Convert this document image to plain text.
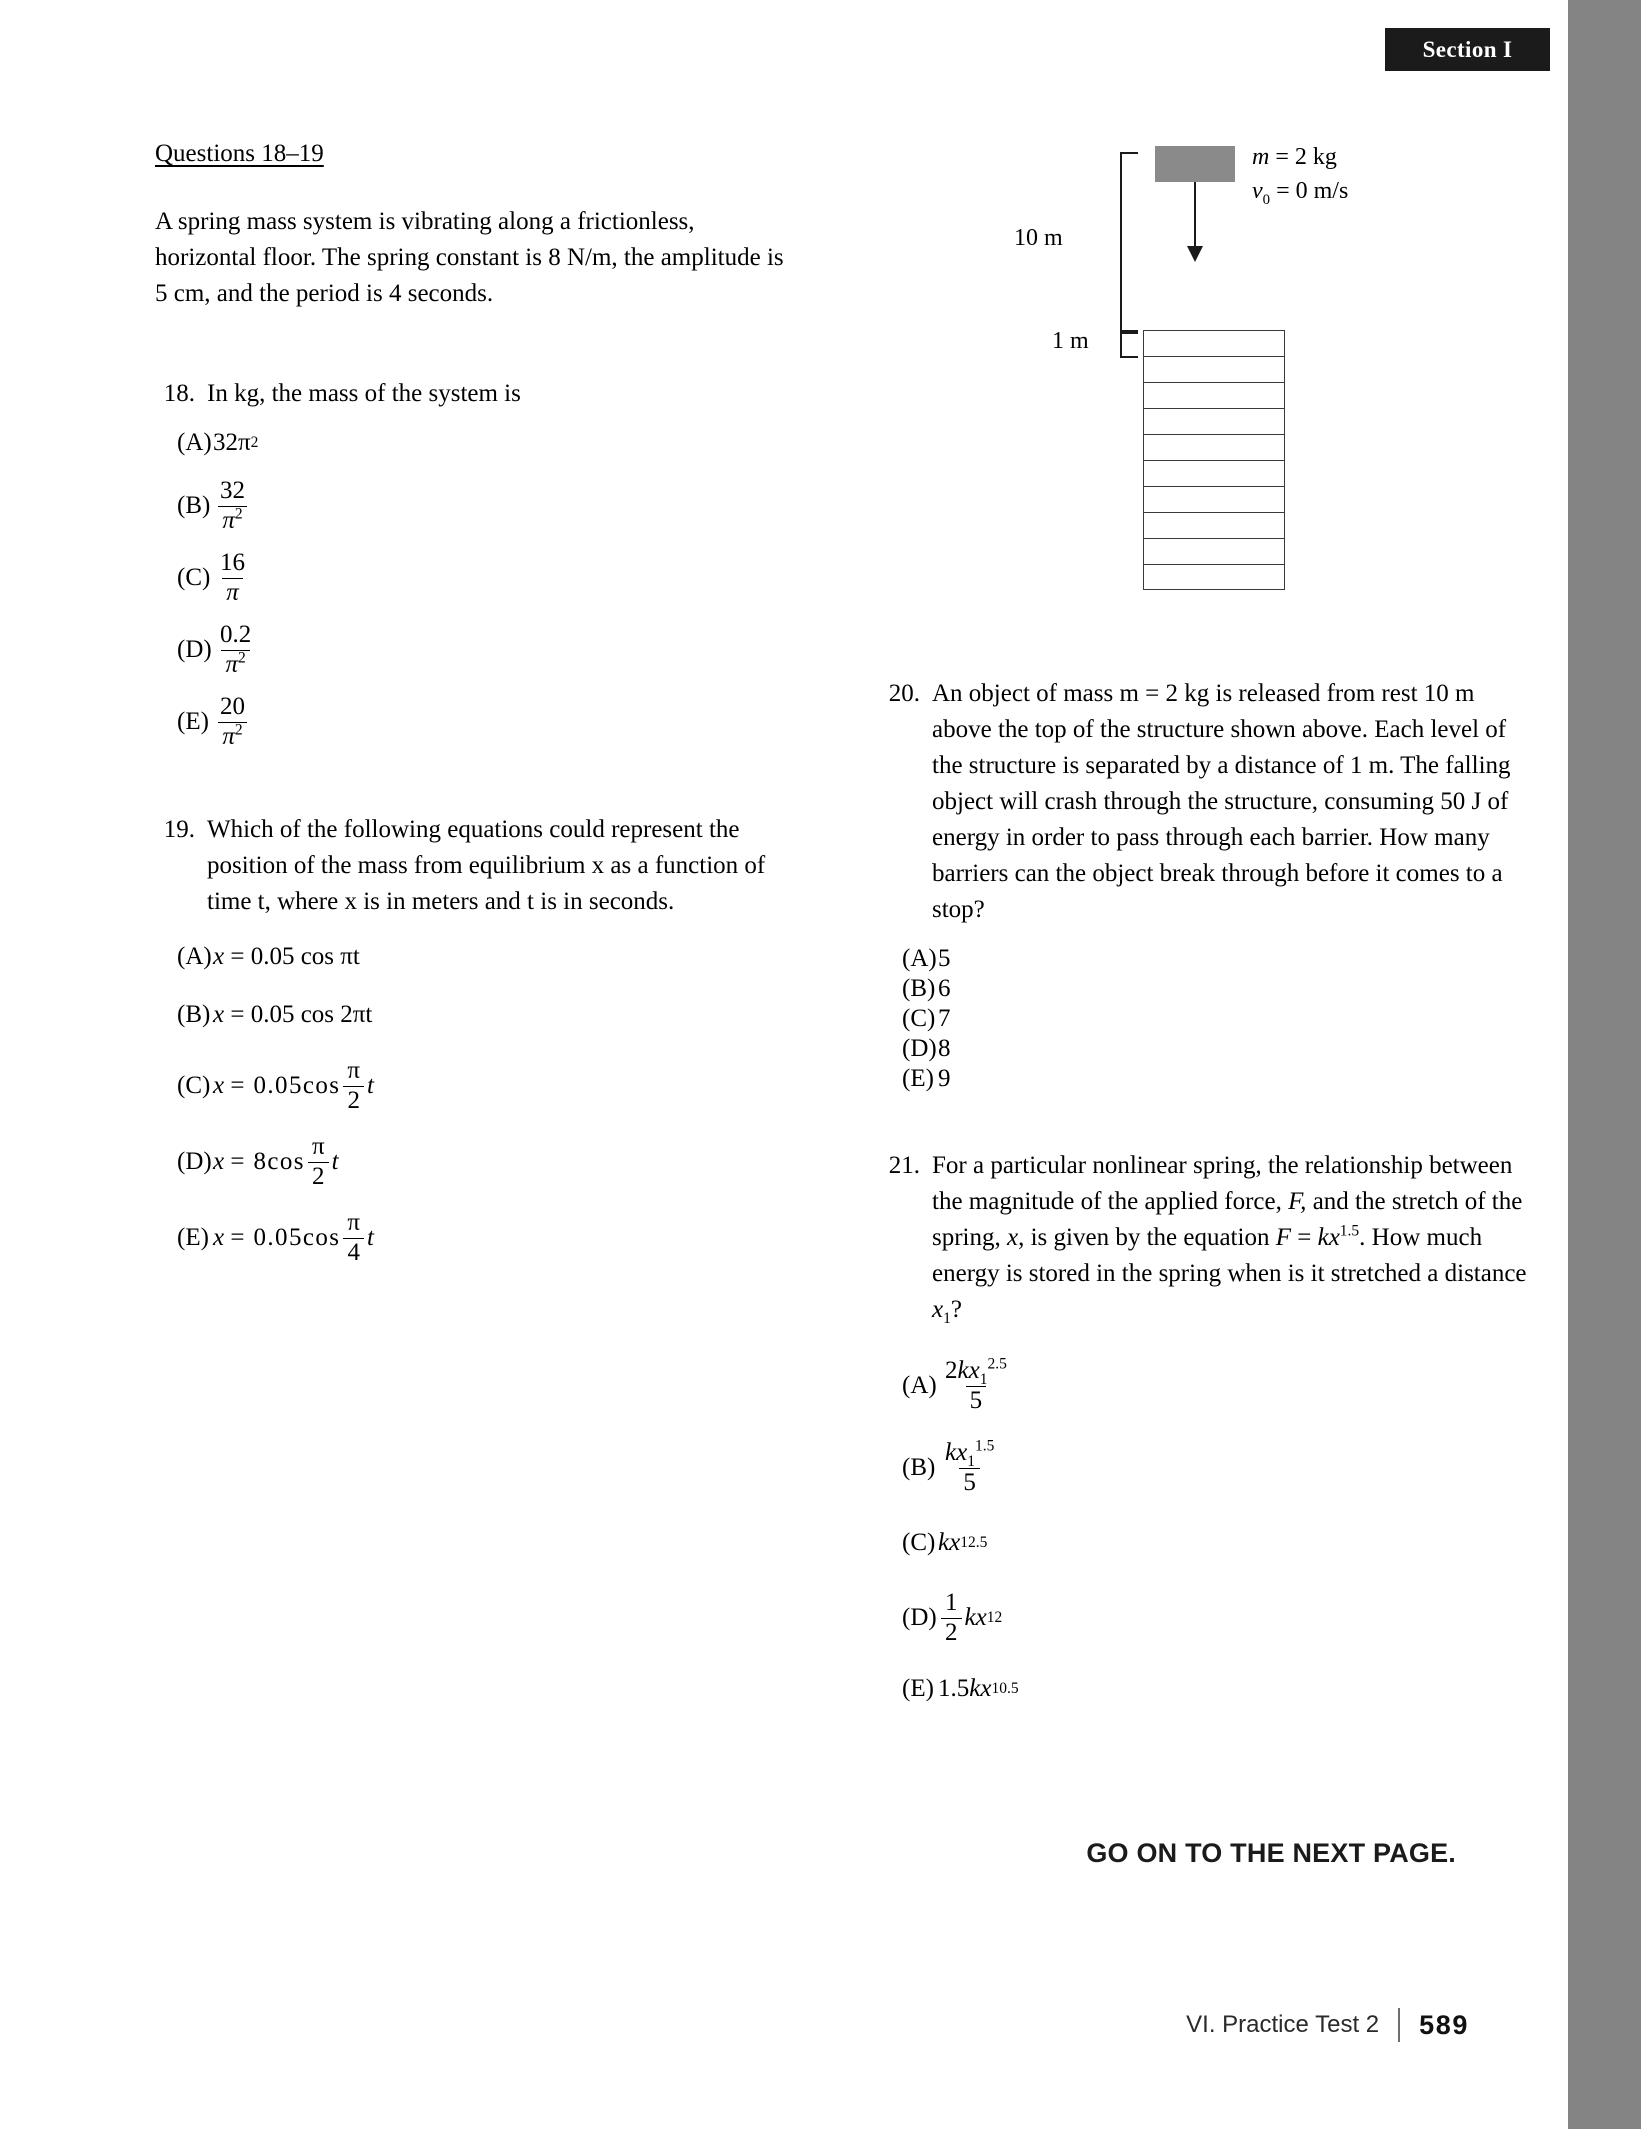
Section I
Questions 18–19
A spring mass system is vibrating along a frictionless, horizontal floor. The spring constant is 8 N/m, the amplitude is 5 cm, and the period is 4 seconds.
18. In kg, the mass of the system is
(A) 32π 2
$(B) \frac{32}{\pi^2}$
$(C) \frac{16}{\pi}$
$(D) \frac{0.2}{\pi^2}$
$(E) \frac{20}{\pi^2}$
19. Which of the following equations could represent the position of the mass from equilibrium x as a function of time t, where x is in meters and t is in seconds.
(A) x
= 0.05 cos πt
(B) x
= 0.05 cos 2πt
(C) x
= $0.05\cos \frac{\pi}{2}$ t
(D) x
= $8\cos \frac{\pi}{2}$ t
(E) x
= $0.05\cos \frac{\pi}{4}$ t
m = 2 kg
$v_0 = 0$ m/s
10 m
1 m
20. An object of mass m = 2 kg is released from rest 10 m above the top of the structure shown above. Each level of the structure is separated by a distance of 1 m. The falling object will crash through the structure, consuming 50 J of energy in order to pass through each barrier. How many barriers can the object break through before it comes to a stop?
(A) 5
(B) 6
(C) 7
(D) 8
(E) 9
21. For a particular nonlinear spring, the relationship between the magnitude of the applied force, F, and the stretch of the spring, x, is given by the equation $F = kx^{1.5}$. How much energy is stored in the spring when is it stretched a distance $x_1$?
$(A) \frac{2kx_1^{2.5}}{5}$
$(B) \frac{kx_1^{1.5}}{5}$
(C) kx 1 2.5
$(D) \frac{1}{2}$ kx 1 2
(E) 1.5 kx 1 0.5
GO ON TO THE NEXT PAGE.
VI. Practice Test 2 589
